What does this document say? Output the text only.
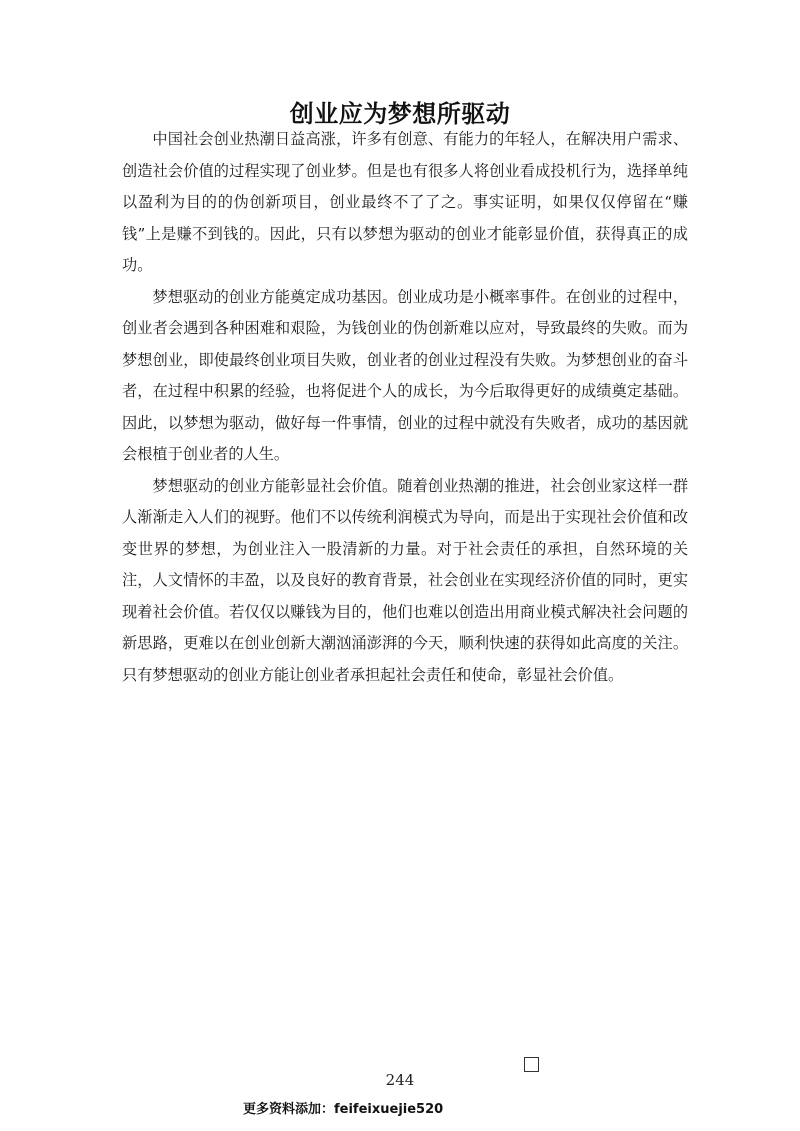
创业应为梦想所驱动

中国社会创业热潮日益高涨，许多有创意、有能力的年轻人，在解决用户需求、创造社会价值的过程实现了创业梦。但是也有很多人将创业看成投机行为，选择单纯以盈利为目的的伪创新项目，创业最终不了了之。事实证明，如果仅仅停留在“赚钱”上是赚不到钱的。因此，只有以梦想为驱动的创业才能彰显价值，获得真正的成功。

梦想驱动的创业方能奠定成功基因。创业成功是小概率事件。在创业的过程中，创业者会遇到各种困难和艰险，为钱创业的伪创新难以应对，导致最终的失败。而为梦想创业，即使最终创业项目失败，创业者的创业过程没有失败。为梦想创业的奋斗者，在过程中积累的经验，也将促进个人的成长，为今后取得更好的成绩奠定基础。因此，以梦想为驱动，做好每一件事情，创业的过程中就没有失败者，成功的基因就会根植于创业者的人生。

梦想驱动的创业方能彰显社会价值。随着创业热潮的推进，社会创业家这样一群人渐渐走入人们的视野。他们不以传统利润模式为导向，而是出于实现社会价值和改变世界的梦想，为创业注入一股清新的力量。对于社会责任的承担，自然环境的关注，人文情怀的丰盈，以及良好的教育背景，社会创业在实现经济价值的同时，更实现着社会价值。若仅仅以赚钱为目的，他们也难以创造出用商业模式解决社会问题的新思路，更难以在创业创新大潮汹涌澎湃的今天，顺利快速的获得如此高度的关注。只有梦想驱动的创业方能让创业者承担起社会责任和使命，彰显社会价值。

244
更多资料添加：feifeixuejie520
